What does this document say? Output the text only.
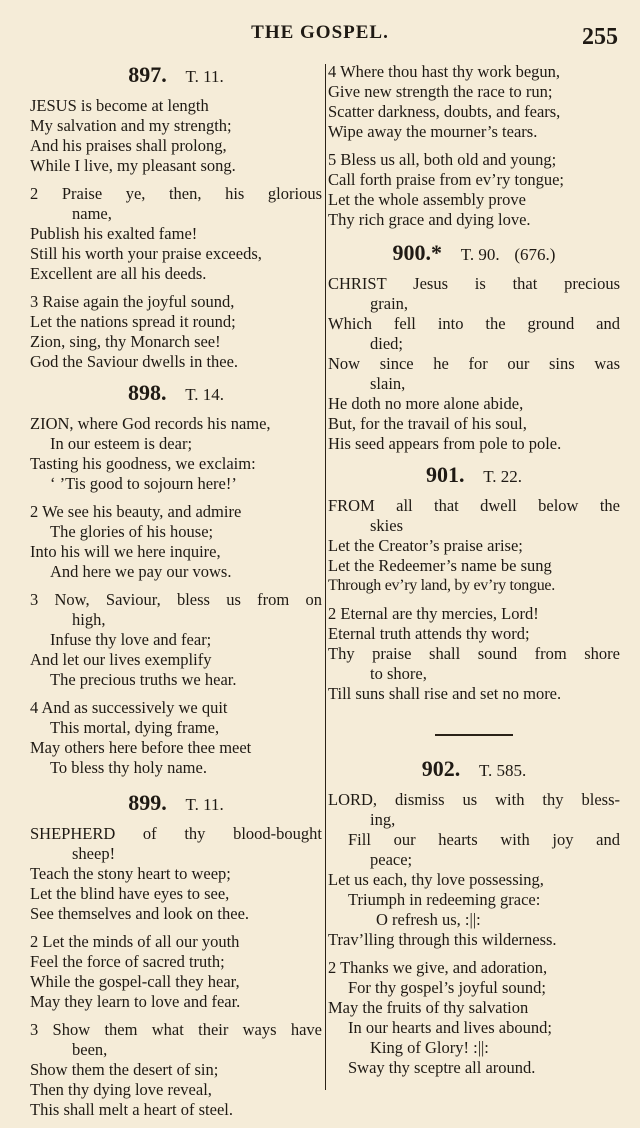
THE GOSPEL.	255
897. T. 11.
JESUS is become at length
My salvation and my strength;
And his praises shall prolong,
While I live, my pleasant song.
2 Praise ye, then, his glorious
name,
Publish his exalted fame!
Still his worth your praise exceeds,
Excellent are all his deeds.
3 Raise again the joyful sound,
Let the nations spread it round;
Zion, sing, thy Monarch see!
God the Saviour dwells in thee.
898. T. 14.
ZION, where God records his name,
In our esteem is dear;
Tasting his goodness, we exclaim:
‘ ’Tis good to sojourn here!’
2 We see his beauty, and admire
The glories of his house;
Into his will we here inquire,
And here we pay our vows.
3 Now, Saviour, bless us from on
high,
Infuse thy love and fear;
And let our lives exemplify
The precious truths we hear.
4 And as successively we quit
This mortal, dying frame,
May others here before thee meet
To bless thy holy name.
899. T. 11.
SHEPHERD of thy blood-bought
sheep!
Teach the stony heart to weep;
Let the blind have eyes to see,
See themselves and look on thee.
2 Let the minds of all our youth
Feel the force of sacred truth;
While the gospel-call they hear,
May they learn to love and fear.
3 Show them what their ways have
been,
Show them the desert of sin;
Then thy dying love reveal,
This shall melt a heart of steel.
4 Where thou hast thy work begun,
Give new strength the race to run;
Scatter darkness, doubts, and fears,
Wipe away the mourner’s tears.
5 Bless us all, both old and young;
Call forth praise from ev’ry tongue;
Let the whole assembly prove
Thy rich grace and dying love.
900.* T. 90. (676.)
CHRIST Jesus is that precious
grain,
Which fell into the ground and
died;
Now since he for our sins was
slain,
He doth no more alone abide,
But, for the travail of his soul,
His seed appears from pole to pole.
901. T. 22.
FROM all that dwell below the
skies
Let the Creator’s praise arise;
Let the Redeemer’s name be sung
Through ev’ry land, by ev’ry tongue.
2 Eternal are thy mercies, Lord!
Eternal truth attends thy word;
Thy praise shall sound from shore
to shore,
Till suns shall rise and set no more.
902. T. 585.
LORD, dismiss us with thy bless-
ing,
Fill our hearts with joy and
peace;
Let us each, thy love possessing,
Triumph in redeeming grace:
O refresh us, :||:
Trav’lling through this wilderness.
2 Thanks we give, and adoration,
For thy gospel’s joyful sound;
May the fruits of thy salvation
In our hearts and lives abound;
King of Glory! :||:
Sway thy sceptre all around.
